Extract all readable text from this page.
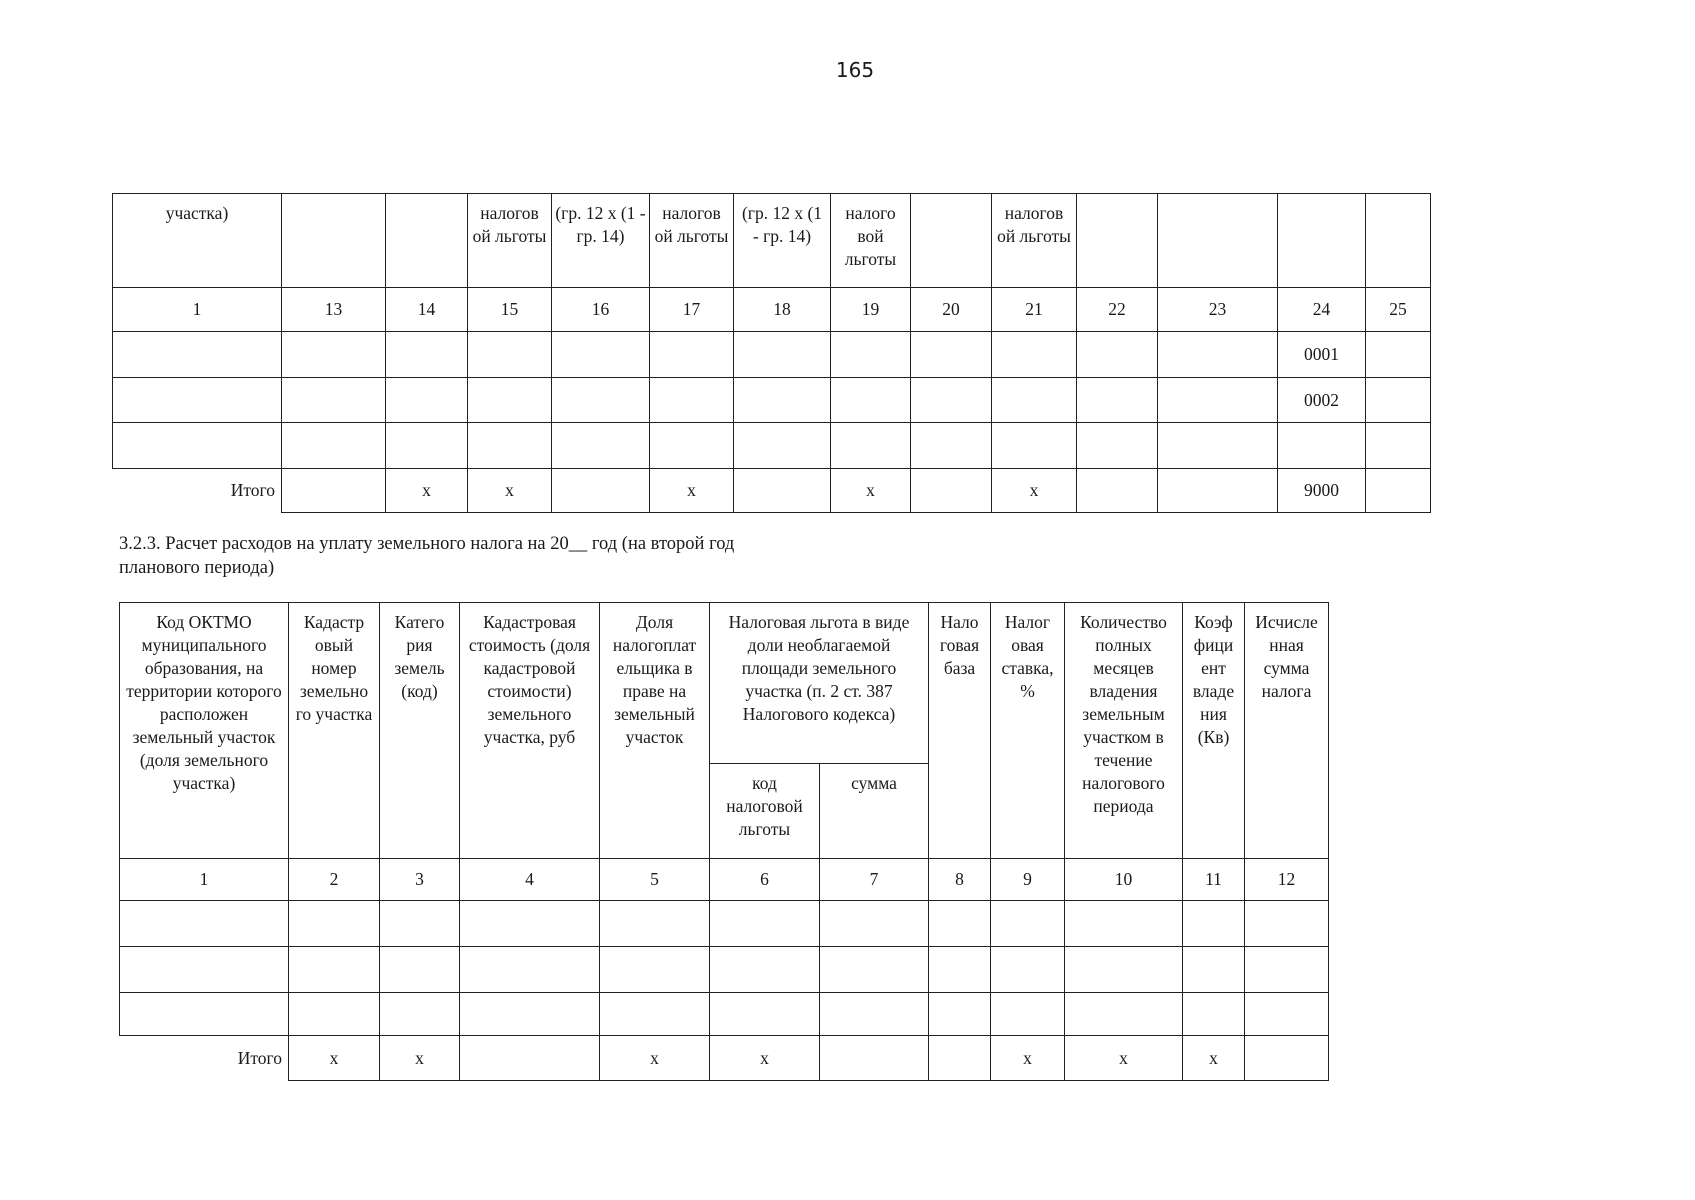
165
участка)			налогов ой льготы	(гр. 12 х (1 - гр. 14)	налогов ой льготы	(гр. 12 х (1 - гр. 14)	налого вой льготы		налогов ой льготы				
1	13	14	15	16	17	18	19	20	21	22	23	24	25
												0001	
												0002	

Итого		х	х		х		х		х			9000	
3.2.3. Расчет расходов на уплату земельного налога на 20__ год (на второй год планового периода)
Код ОКТМО муниципального образования, на территории которого расположен земельный участок (доля земельного участка)	Кадастр овый номер земельно го участка	Катего рия земель (код)	Кадастровая стоимость (доля кадастровой стоимости) земельного участка, руб	Доля налогоплат ельщика в праве на земельный участок	Налоговая льгота в виде доли необлагаемой площади земельного участка (п. 2 ст. 387 Налогового кодекса)		Нало говая база	Налог овая ставка, %	Количество полных месяцев владения земельным участком в течение налогового периода	Коэф фици ент владе ния (Кв)	Исчисле нная сумма налога
					код налоговой льготы	сумма					
1	2	3	4	5	6	7	8	9	10	11	12

Итого	х	х		х	х			х	х	х	
